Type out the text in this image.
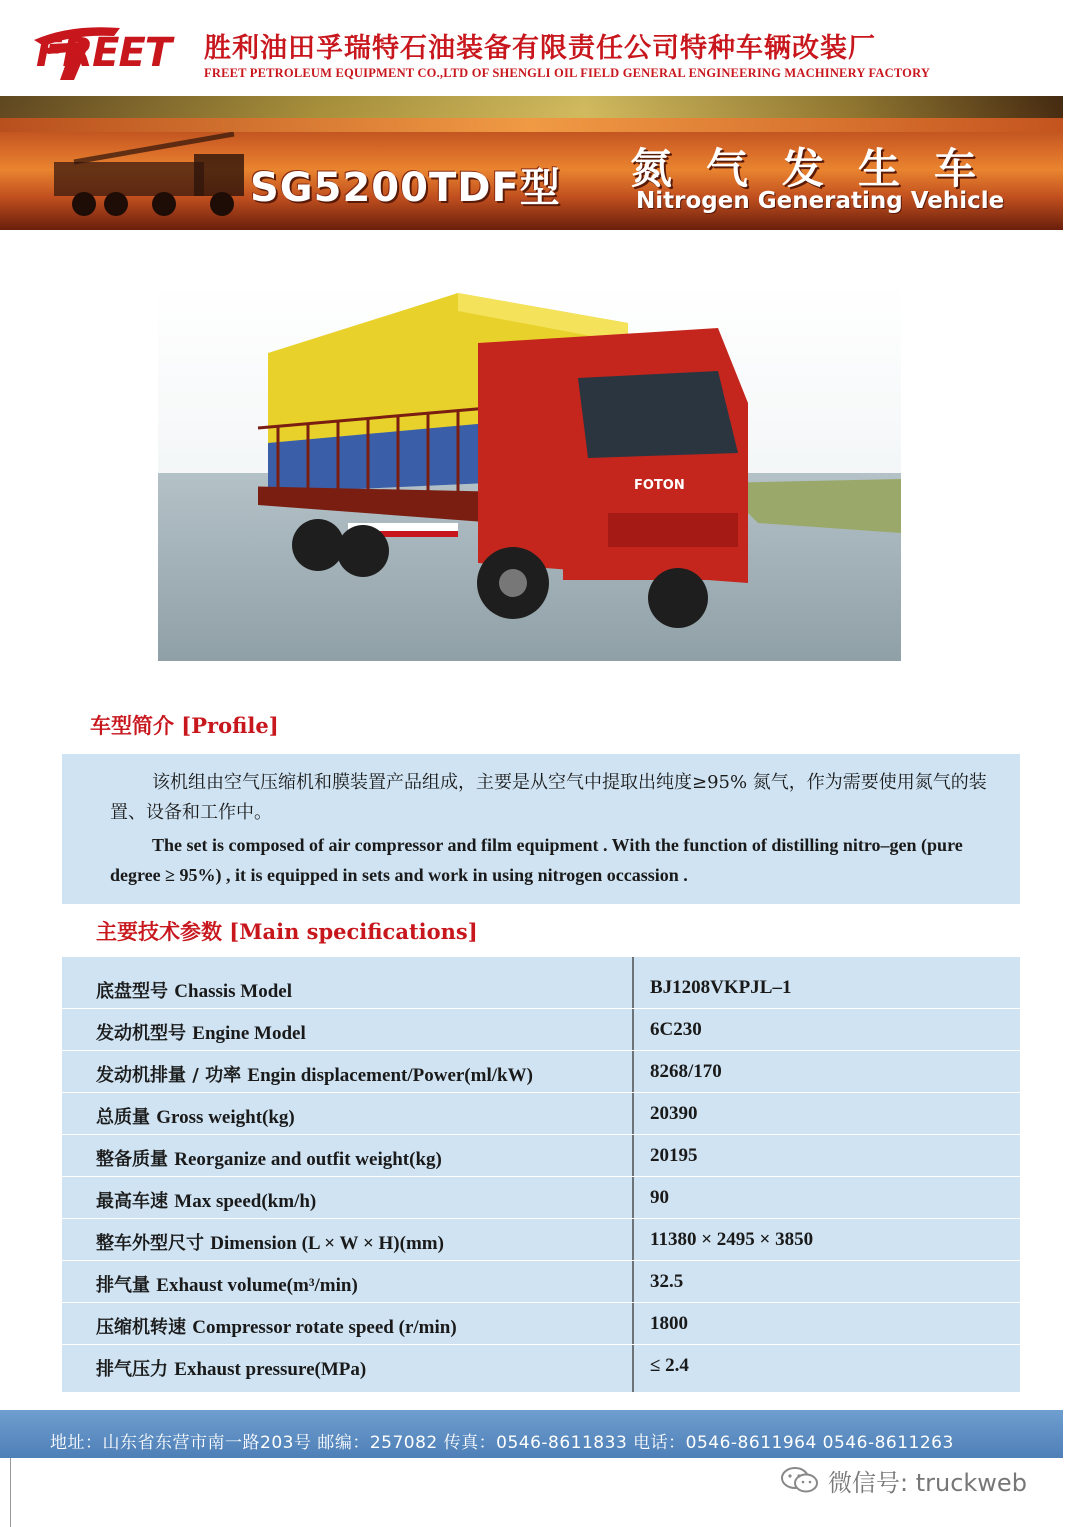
FREET 胜利油田孚瑞特石油装备有限责任公司特种车辆改装厂
FREET PETROLEUM EQUIPMENT CO.,LTD OF SHENGLI OIL FIELD GENERAL ENGINEERING MACHINERY FACTORY
SG5200TDF型 氮气发生车
Nitrogen Generating Vehicle
FOTON
车型简介 [Profile]
该机组由空气压缩机和膜装置产品组成，主要是从空气中提取出纯度≥95% 氮气，作为需要使用氮气的装置、设备和工作中。
The set is composed of air compressor and film equipment . With the function of distilling nitro–gen (pure degree ≥ 95%) , it is equipped in sets and work in using nitrogen occassion .
主要技术参数 [Main specifications]
底盘型号 Chassis Model	BJ1208VKPJL–1
发动机型号 Engine Model	6C230
发动机排量 / 功率 Engin displacement/Power(ml/kW)	8268/170
总质量 Gross weight(kg)	20390
整备质量 Reorganize and outfit weight(kg)	20195
最高车速 Max speed(km/h)	90
整车外型尺寸 Dimension (L × W × H)(mm)	11380 × 2495 × 3850
排气量 Exhaust volume(m³/min)	32.5
压缩机转速 Compressor rotate speed (r/min)	1800
排气压力 Exhaust pressure(MPa)	≤ 2.4
地址：山东省东营市南一路203号 邮编：257082 传真：0546-8611833 电话：0546-8611964 0546-8611263
微信号: truckweb
